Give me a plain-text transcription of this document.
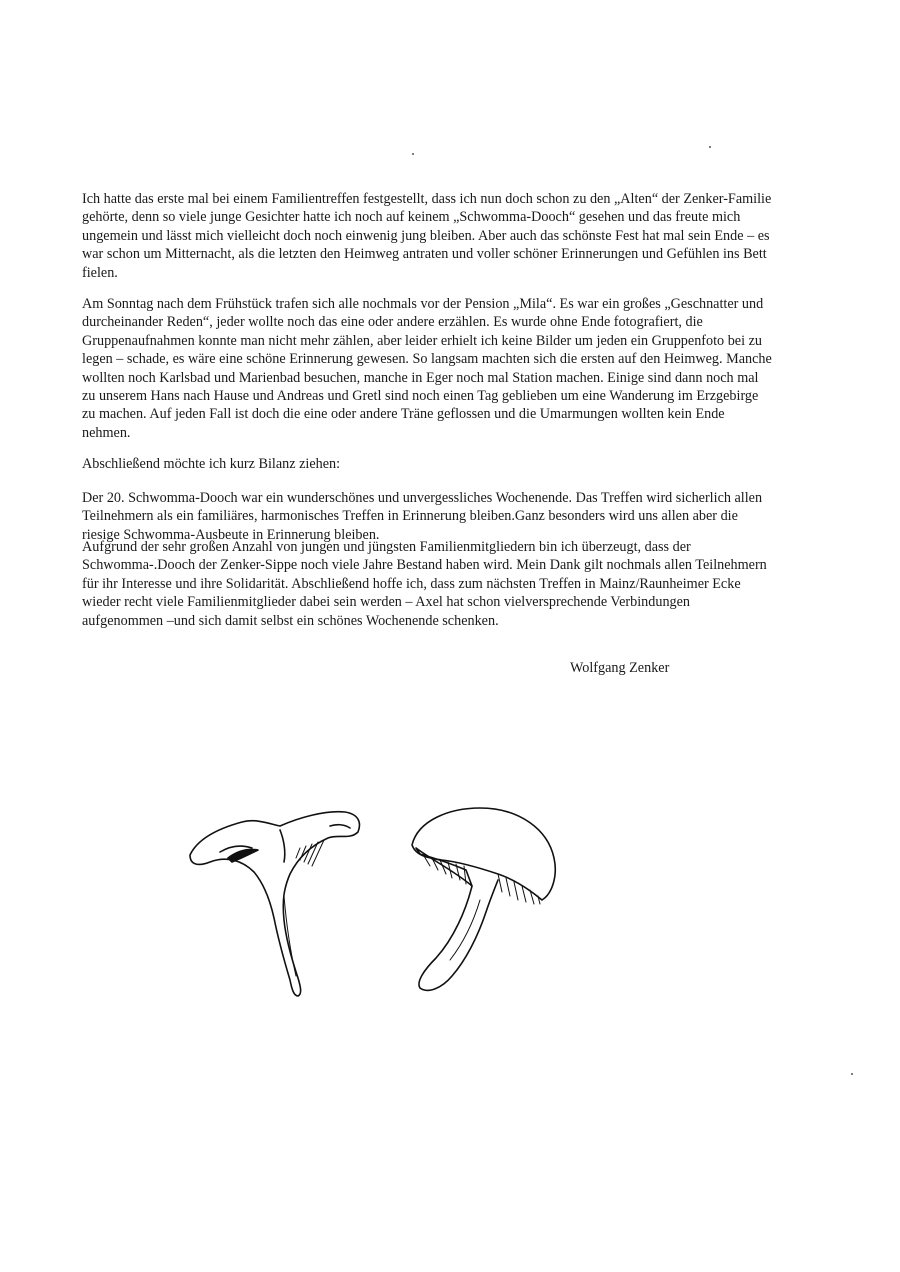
Ich hatte das erste mal bei einem Familientreffen festgestellt, dass ich nun doch schon zu den „Alten“ der Zenker-Familie gehörte, denn so viele junge Gesichter hatte ich noch auf keinem „Schwomma-Dooch“ gesehen und das freute mich ungemein und lässt mich vielleicht doch noch einwenig jung bleiben. Aber auch das schönste Fest hat mal sein Ende – es war schon um Mitternacht, als die letzten den Heimweg antraten und voller schöner Erinnerungen und Gefühlen ins Bett fielen.

Am Sonntag nach dem Frühstück trafen sich alle nochmals vor der Pension „Mila“. Es war ein großes „Geschnatter und durcheinander Reden“, jeder wollte noch das eine oder andere erzählen. Es wurde ohne Ende fotografiert, die Gruppenaufnahmen konnte man nicht mehr zählen, aber leider erhielt ich keine Bilder um jeden ein Gruppenfoto bei zu legen – schade, es wäre eine schöne Erinnerung gewesen. So langsam machten sich die ersten auf den Heimweg. Manche wollten noch Karlsbad und Marienbad besuchen, manche in Eger noch mal Station machen. Einige sind dann noch mal zu unserem Hans nach Hause und Andreas und Gretl sind noch einen Tag geblieben um eine Wanderung im Erzgebirge zu machen. Auf jeden Fall ist doch die eine oder andere Träne geflossen und die Umarmungen wollten kein Ende nehmen.

Abschließend möchte ich kurz Bilanz ziehen:

Der 20. Schwomma-Dooch war ein wunderschönes und unvergessliches Wochenende. Das Treffen wird sicherlich allen Teilnehmern als ein familiäres, harmonisches Treffen in Erinnerung bleiben.Ganz besonders wird uns allen aber die riesige Schwomma-Ausbeute in Erinnerung bleiben.

Aufgrund der sehr großen Anzahl von jungen und jüngsten Familienmitgliedern bin ich überzeugt, dass der Schwomma-.Dooch der Zenker-Sippe noch viele Jahre Bestand haben wird. Mein Dank gilt nochmals allen Teilnehmern für ihr Interesse und ihre Solidarität. Abschließend hoffe ich, dass zum nächsten Treffen in Mainz/Raunheimer Ecke wieder recht viele Familienmitglieder dabei sein werden – Axel hat schon vielversprechende Verbindungen aufgenommen –und sich damit selbst ein schönes Wochenende schenken.

Wolfgang Zenker
